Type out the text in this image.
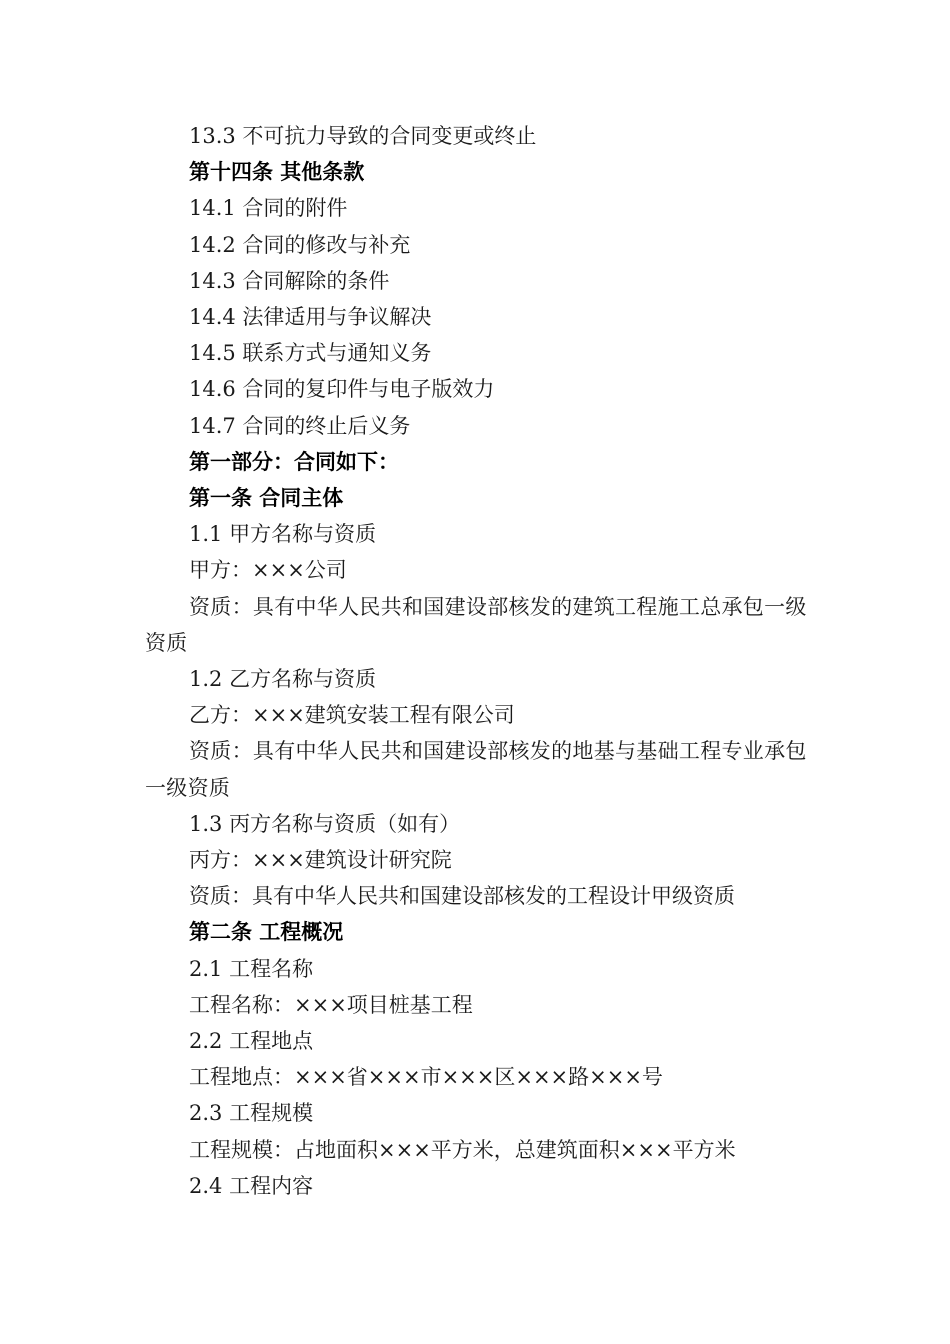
13.3 不可抗力导致的合同变更或终止
第十四条 其他条款
14.1 合同的附件
14.2 合同的修改与补充
14.3 合同解除的条件
14.4 法律适用与争议解决
14.5 联系方式与通知义务
14.6 合同的复印件与电子版效力
14.7 合同的终止后义务
第一部分：合同如下：
第一条 合同主体
1.1 甲方名称与资质
甲方：×××公司
资质：具有中华人民共和国建设部核发的建筑工程施工总承包一级资质
1.2 乙方名称与资质
乙方：×××建筑安装工程有限公司
资质：具有中华人民共和国建设部核发的地基与基础工程专业承包一级资质
1.3 丙方名称与资质（如有）
丙方：×××建筑设计研究院
资质：具有中华人民共和国建设部核发的工程设计甲级资质
第二条 工程概况
2.1 工程名称
工程名称：×××项目桩基工程
2.2 工程地点
工程地点：×××省×××市×××区×××路×××号
2.3 工程规模
工程规模：占地面积×××平方米，总建筑面积×××平方米
2.4 工程内容
